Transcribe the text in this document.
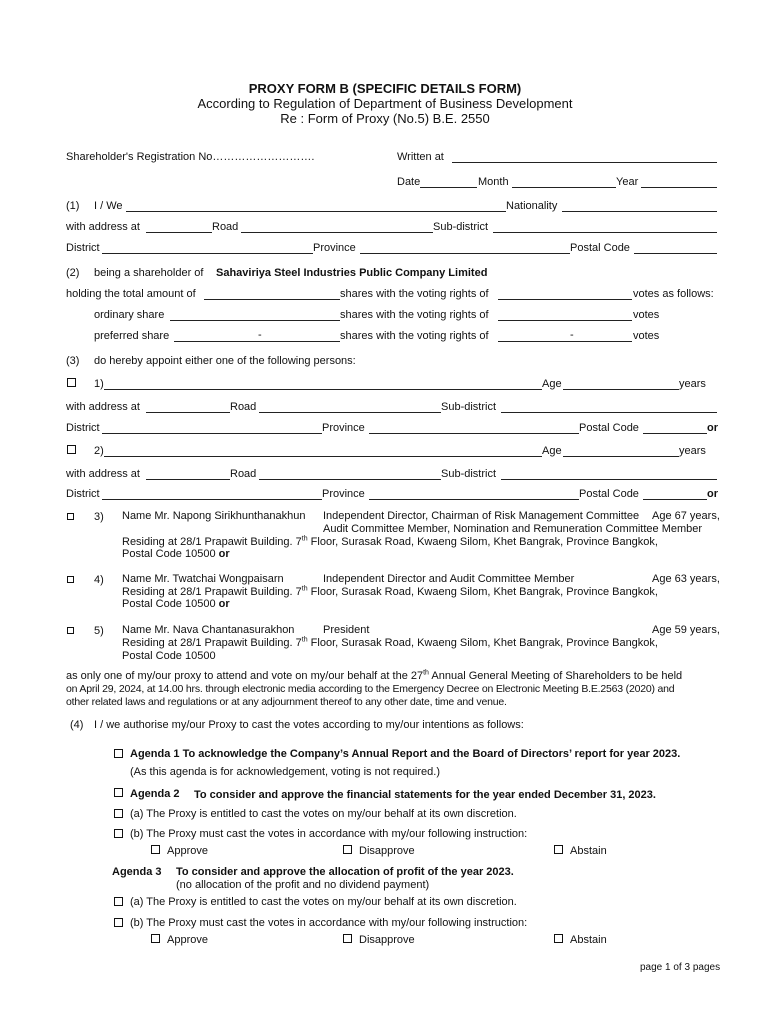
PROXY FORM B (SPECIFIC DETAILS FORM)
According to Regulation of Department of Business Development
Re : Form of Proxy (No.5) B.E. 2550
Shareholder's Registration No……………………….	Written at
Date	Month	Year
(1) I / We	Nationality
with address at	Road	Sub-district
District	Province	Postal Code
(2) being a shareholder of Sahaviriya Steel Industries Public Company Limited
holding the total amount of	shares with the voting rights of	votes as follows:
ordinary share	shares with the voting rights of	votes
preferred share	-	shares with the voting rights of	-	votes
(3) do hereby appoint either one of the following persons:
1)	Age	years
with address at	Road	Sub-district
District	Province	Postal Code	or
2)	Age	years
with address at	Road	Sub-district
District	Province	Postal Code	or
3) Name Mr. Napong Sirikhunthanakhun Independent Director, Chairman of Risk Management Committee Age 67 years,
Audit Committee Member, Nomination and Remuneration Committee Member
Residing at 28/1 Prapawit Building. 7th Floor, Surasak Road, Kwaeng Silom, Khet Bangrak, Province Bangkok,
Postal Code 10500 or
4) Name Mr. Twatchai Wongpaisarn	Independent Director and Audit Committee Member	Age 63 years,
Residing at 28/1 Prapawit Building. 7th Floor, Surasak Road, Kwaeng Silom, Khet Bangrak, Province Bangkok,
Postal Code 10500 or
5) Name Mr. Nava Chantanasurakhon	President	Age 59 years,
Residing at 28/1 Prapawit Building. 7th Floor, Surasak Road, Kwaeng Silom, Khet Bangrak, Province Bangkok,
Postal Code 10500
as only one of my/our proxy to attend and vote on my/our behalf at the 27th Annual General Meeting of Shareholders to be held
on April 29, 2024, at 14.00 hrs. through electronic media according to the Emergency Decree on Electronic Meeting B.E.2563 (2020) and
other related laws and regulations or at any adjournment thereof to any other date, time and venue.
(4) I / we authorise my/our Proxy to cast the votes according to my/our intentions as follows:
Agenda 1 To acknowledge the Company’s Annual Report and the Board of Directors’ report for year 2023.
(As this agenda is for acknowledgement, voting is not required.)
Agenda 2 To consider and approve the financial statements for the year ended December 31, 2023.
(a) The Proxy is entitled to cast the votes on my/our behalf at its own discretion.
(b) The Proxy must cast the votes in accordance with my/our following instruction:
Approve	Disapprove	Abstain
Agenda 3 To consider and approve the allocation of profit of the year 2023.
(no allocation of the profit and no dividend payment)
(a) The Proxy is entitled to cast the votes on my/our behalf at its own discretion.
(b) The Proxy must cast the votes in accordance with my/our following instruction:
Approve	Disapprove	Abstain
page 1 of 3 pages
